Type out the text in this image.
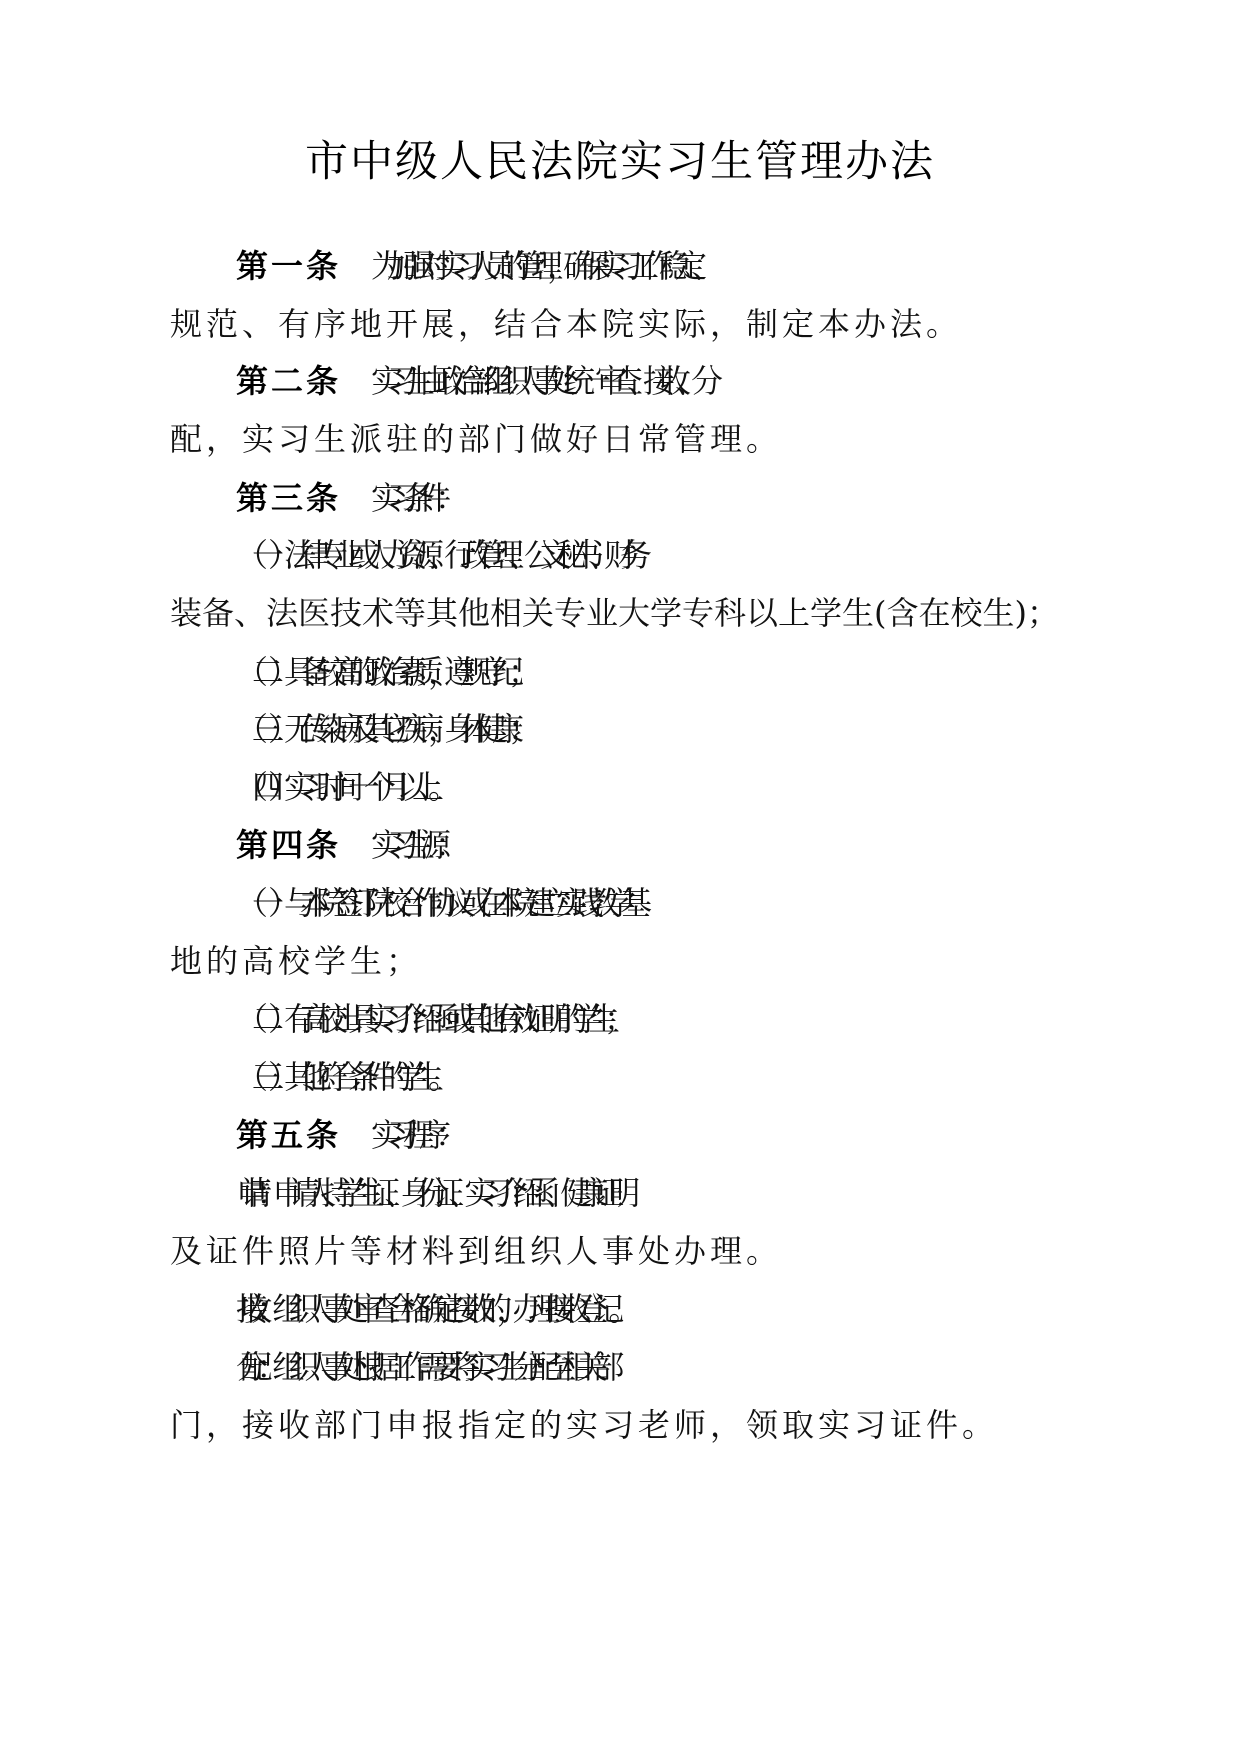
市中级人民法院实习生管理办法

第一条 为加强对实习人员的管理，确保实习工作稳定、

规范、有序地开展，结合本院实际，制定本办法。

第二条 实习生由政治部组织人事处统一审查、接收、分

配，实习生派驻的部门做好日常管理。

第三条 实习条件：

（一）法律专业或人力资源、行政管理、公文秘书、财务

装备、法医技术等其他相关专业大学专科以上学生(含在校生)；

（二）具备较高的政治素质，遵规守纪；

（三）无传染病及其它疾病，身体健康；

（四）实习时间一个月以上。

第四条 实习生源：

（一）与本院签订院校合作协议或在本院建立实践教学基

地的高校学生；

（二）有高校出具实习介绍函或其他有效证明的学生；

（三）其他符合条件的学生。

第五条 实习程序：

申  请：申请人持学生证、身份证、实习介绍函、健康证明

及证件照片等材料到组织人事处办理。

接  收：组织人事处审查合格确定接收的，办理接收登记。

分  配：组织人事处根据工作需要将实习生分配至相关部

门，接收部门申报指定的实习老师，领取实习证件。
